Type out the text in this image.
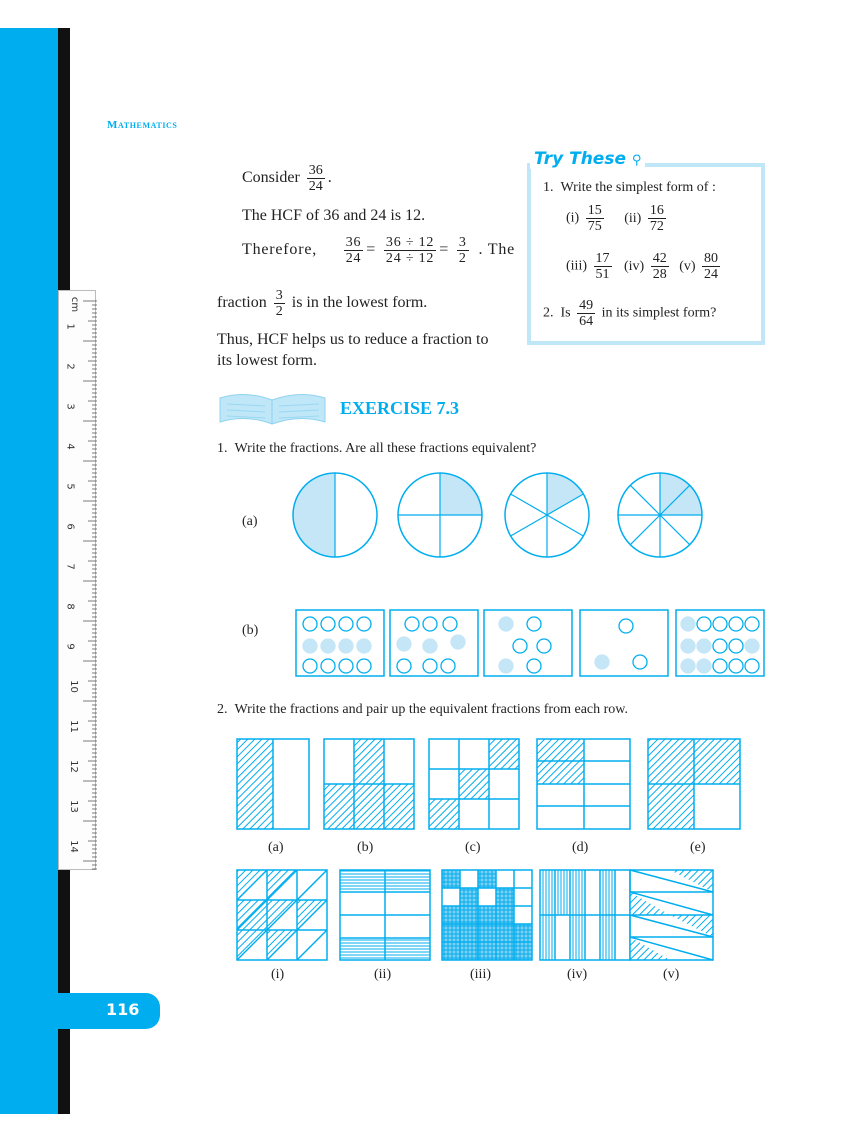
cm
1
2
3
4
5
6
7
8
9
10
11
12
13
14
Mathematics
Consider $\frac{36}{24}$ .
The HCF of 36 and 24 is 12.
Therefore, $\frac{36}{24} = \frac{36 \div 12}{24 \div 12} = \frac{3}{2}$ . The
fraction $\frac{3}{2}$ is in the lowest form.
Thus, HCF helps us to reduce a fraction to
its lowest form.
Try These ⚲
1. Write the simplest form of :
$(i) \frac{15}{75} (ii) \frac{16}{72}$
$(iii) \frac{17}{51} (iv) \frac{42}{28} (v) \frac{80}{24}$
2. Is $\frac{49}{64}$ in its simplest form?
EXERCISE 7.3
1. Write the fractions. Are all these fractions equivalent?
(a)
(b)
2. Write the fractions and pair up the equivalent fractions from each row.
(a)	(b)	(c)	(d)	(e)
(i)	(ii)	(iii)	(iv)	(v)
116
